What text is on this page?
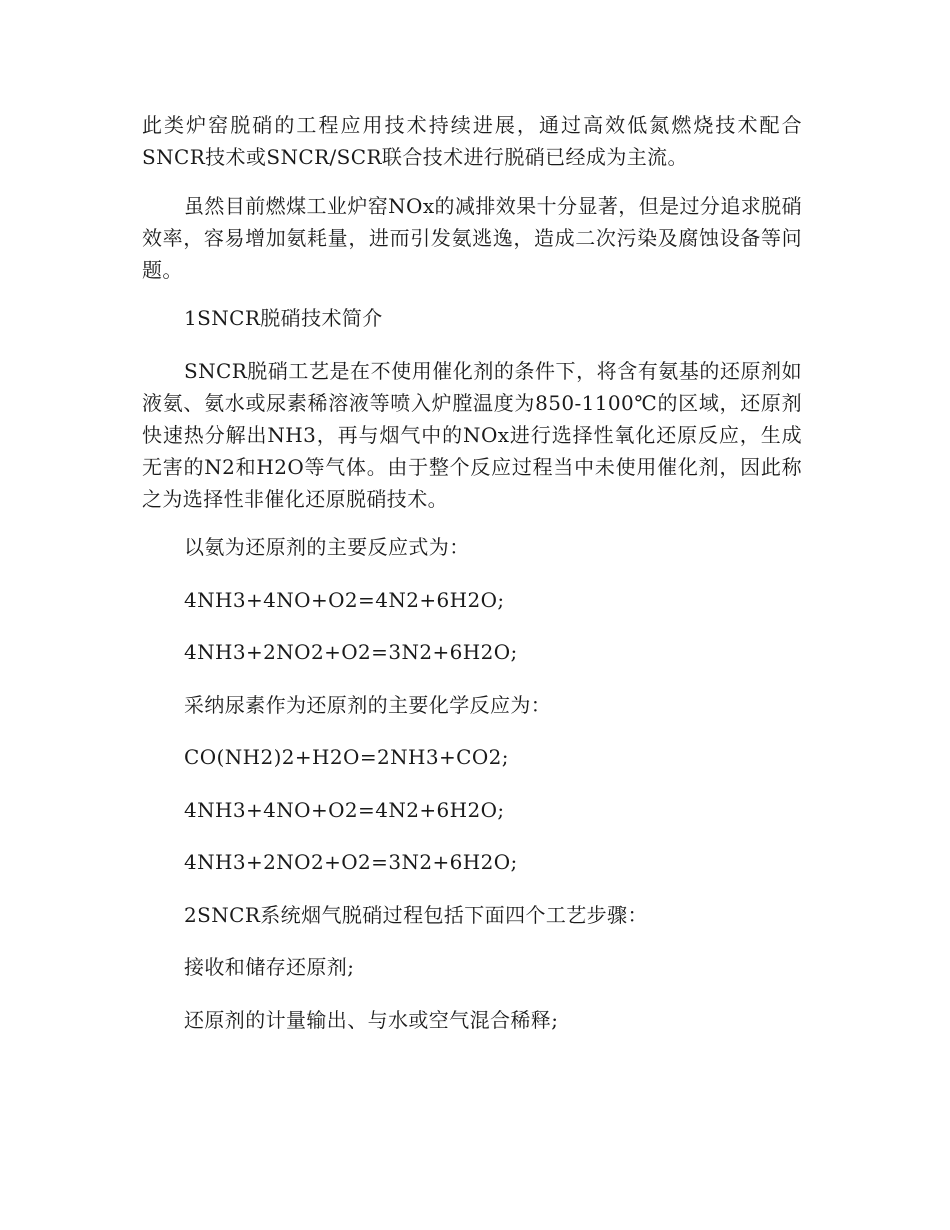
此类炉窑脱硝的工程应用技术持续进展，通过高效低氮燃烧技术配合SNCR技术或SNCR/SCR联合技术进行脱硝已经成为主流。

虽然目前燃煤工业炉窑NOx的减排效果十分显著，但是过分追求脱硝效率，容易增加氨耗量，进而引发氨逃逸，造成二次污染及腐蚀设备等问题。

1SNCR脱硝技术简介

SNCR脱硝工艺是在不使用催化剂的条件下，将含有氨基的还原剂如液氨、氨水或尿素稀溶液等喷入炉膛温度为850-1100℃的区域，还原剂快速热分解出NH3，再与烟气中的NOx进行选择性氧化还原反应，生成无害的N2和H2O等气体。由于整个反应过程当中未使用催化剂，因此称之为选择性非催化还原脱硝技术。

以氨为还原剂的主要反应式为：

4NH3+4NO+O2=4N2+6H2O;

4NH3+2NO2+O2=3N2+6H2O;

采纳尿素作为还原剂的主要化学反应为：

CO(NH2)2+H2O=2NH3+CO2;

4NH3+4NO+O2=4N2+6H2O;

4NH3+2NO2+O2=3N2+6H2O;

2SNCR系统烟气脱硝过程包括下面四个工艺步骤：

接收和储存还原剂;

还原剂的计量输出、与水或空气混合稀释;
